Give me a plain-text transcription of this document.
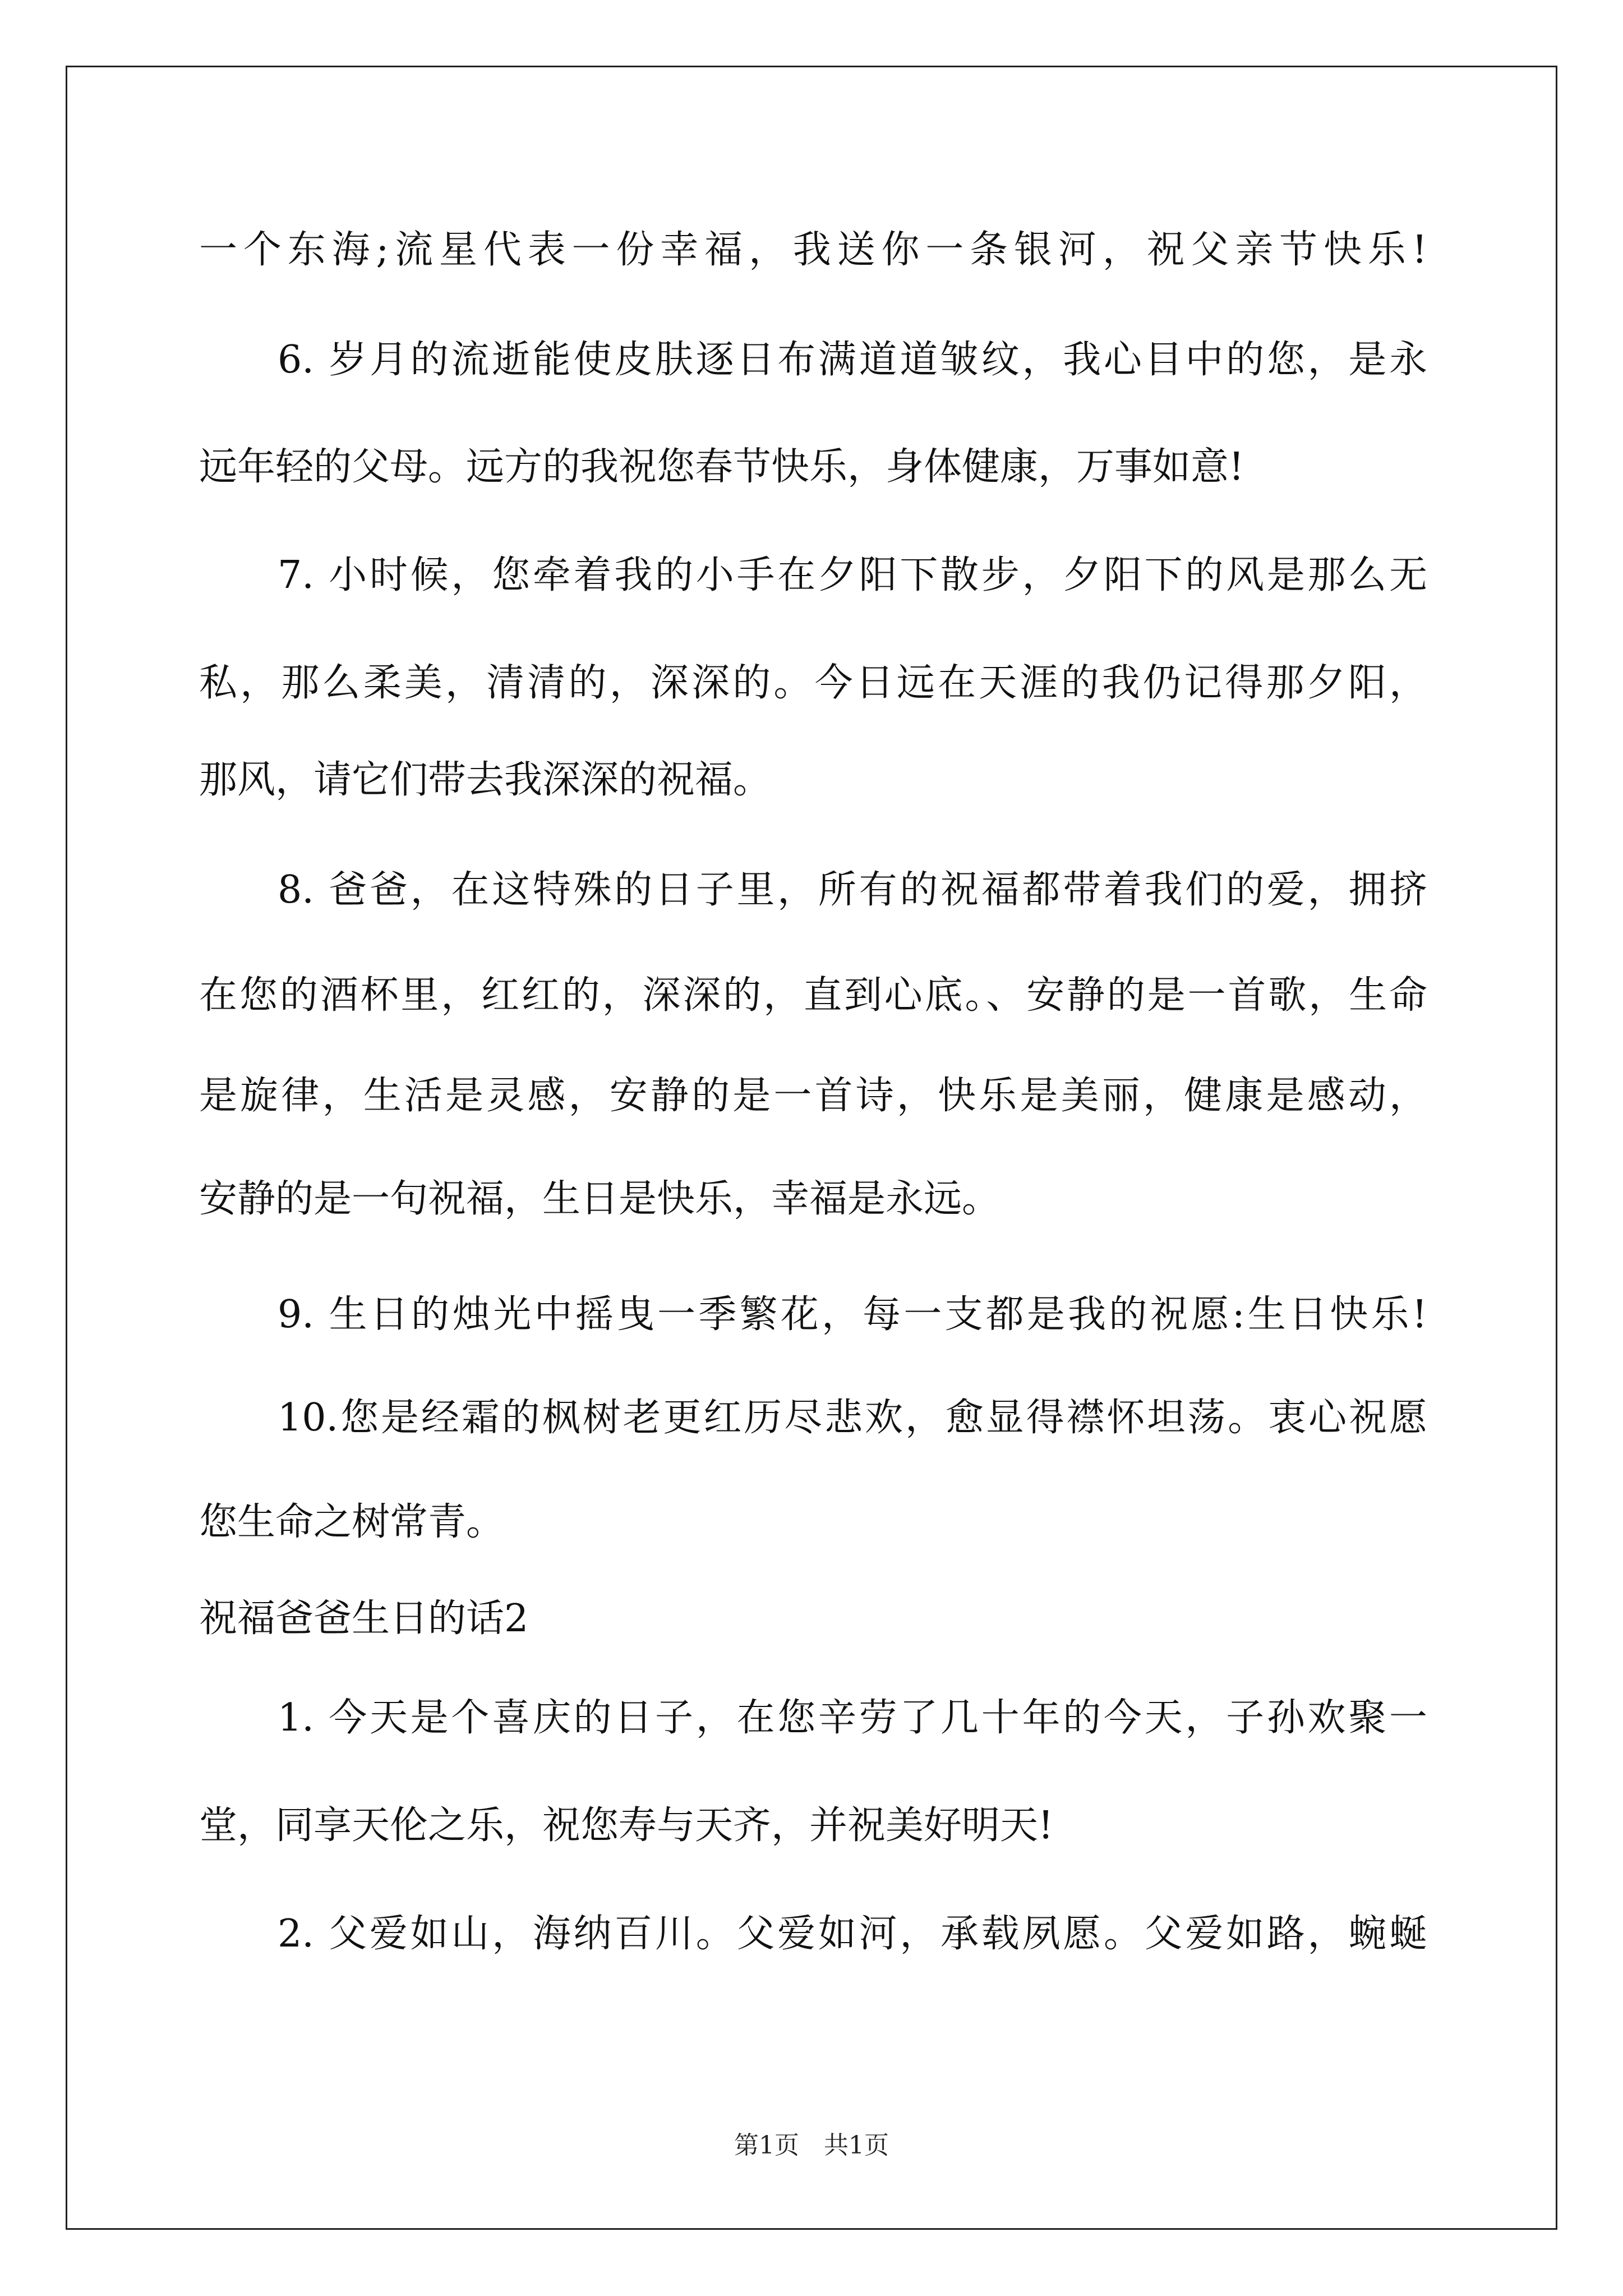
一个东海;流星代表一份幸福，我送你一条银河，祝父亲节快乐!
6. 岁月的流逝能使皮肤逐日布满道道皱纹，我心目中的您，是永
远年轻的父母。远方的我祝您春节快乐，身体健康，万事如意!
7. 小时候，您牵着我的小手在夕阳下散步，夕阳下的风是那么无
私，那么柔美，清清的，深深的。今日远在天涯的我仍记得那夕阳，
那风，请它们带去我深深的祝福。
8. 爸爸，在这特殊的日子里，所有的祝福都带着我们的爱，拥挤
在您的酒杯里，红红的，深深的，直到心底。、安静的是一首歌，生命
是旋律，生活是灵感，安静的是一首诗，快乐是美丽，健康是感动，
安静的是一句祝福，生日是快乐，幸福是永远。
9. 生日的烛光中摇曳一季繁花，每一支都是我的祝愿:生日快乐!
10.您是经霜的枫树老更红历尽悲欢，愈显得襟怀坦荡。衷心祝愿
您生命之树常青。
祝福爸爸生日的话2
1. 今天是个喜庆的日子，在您辛劳了几十年的今天，子孙欢聚一
堂，同享天伦之乐，祝您寿与天齐，并祝美好明天!
2. 父爱如山，海纳百川。父爱如河，承载夙愿。父爱如路，蜿蜒
第1页　共1页
